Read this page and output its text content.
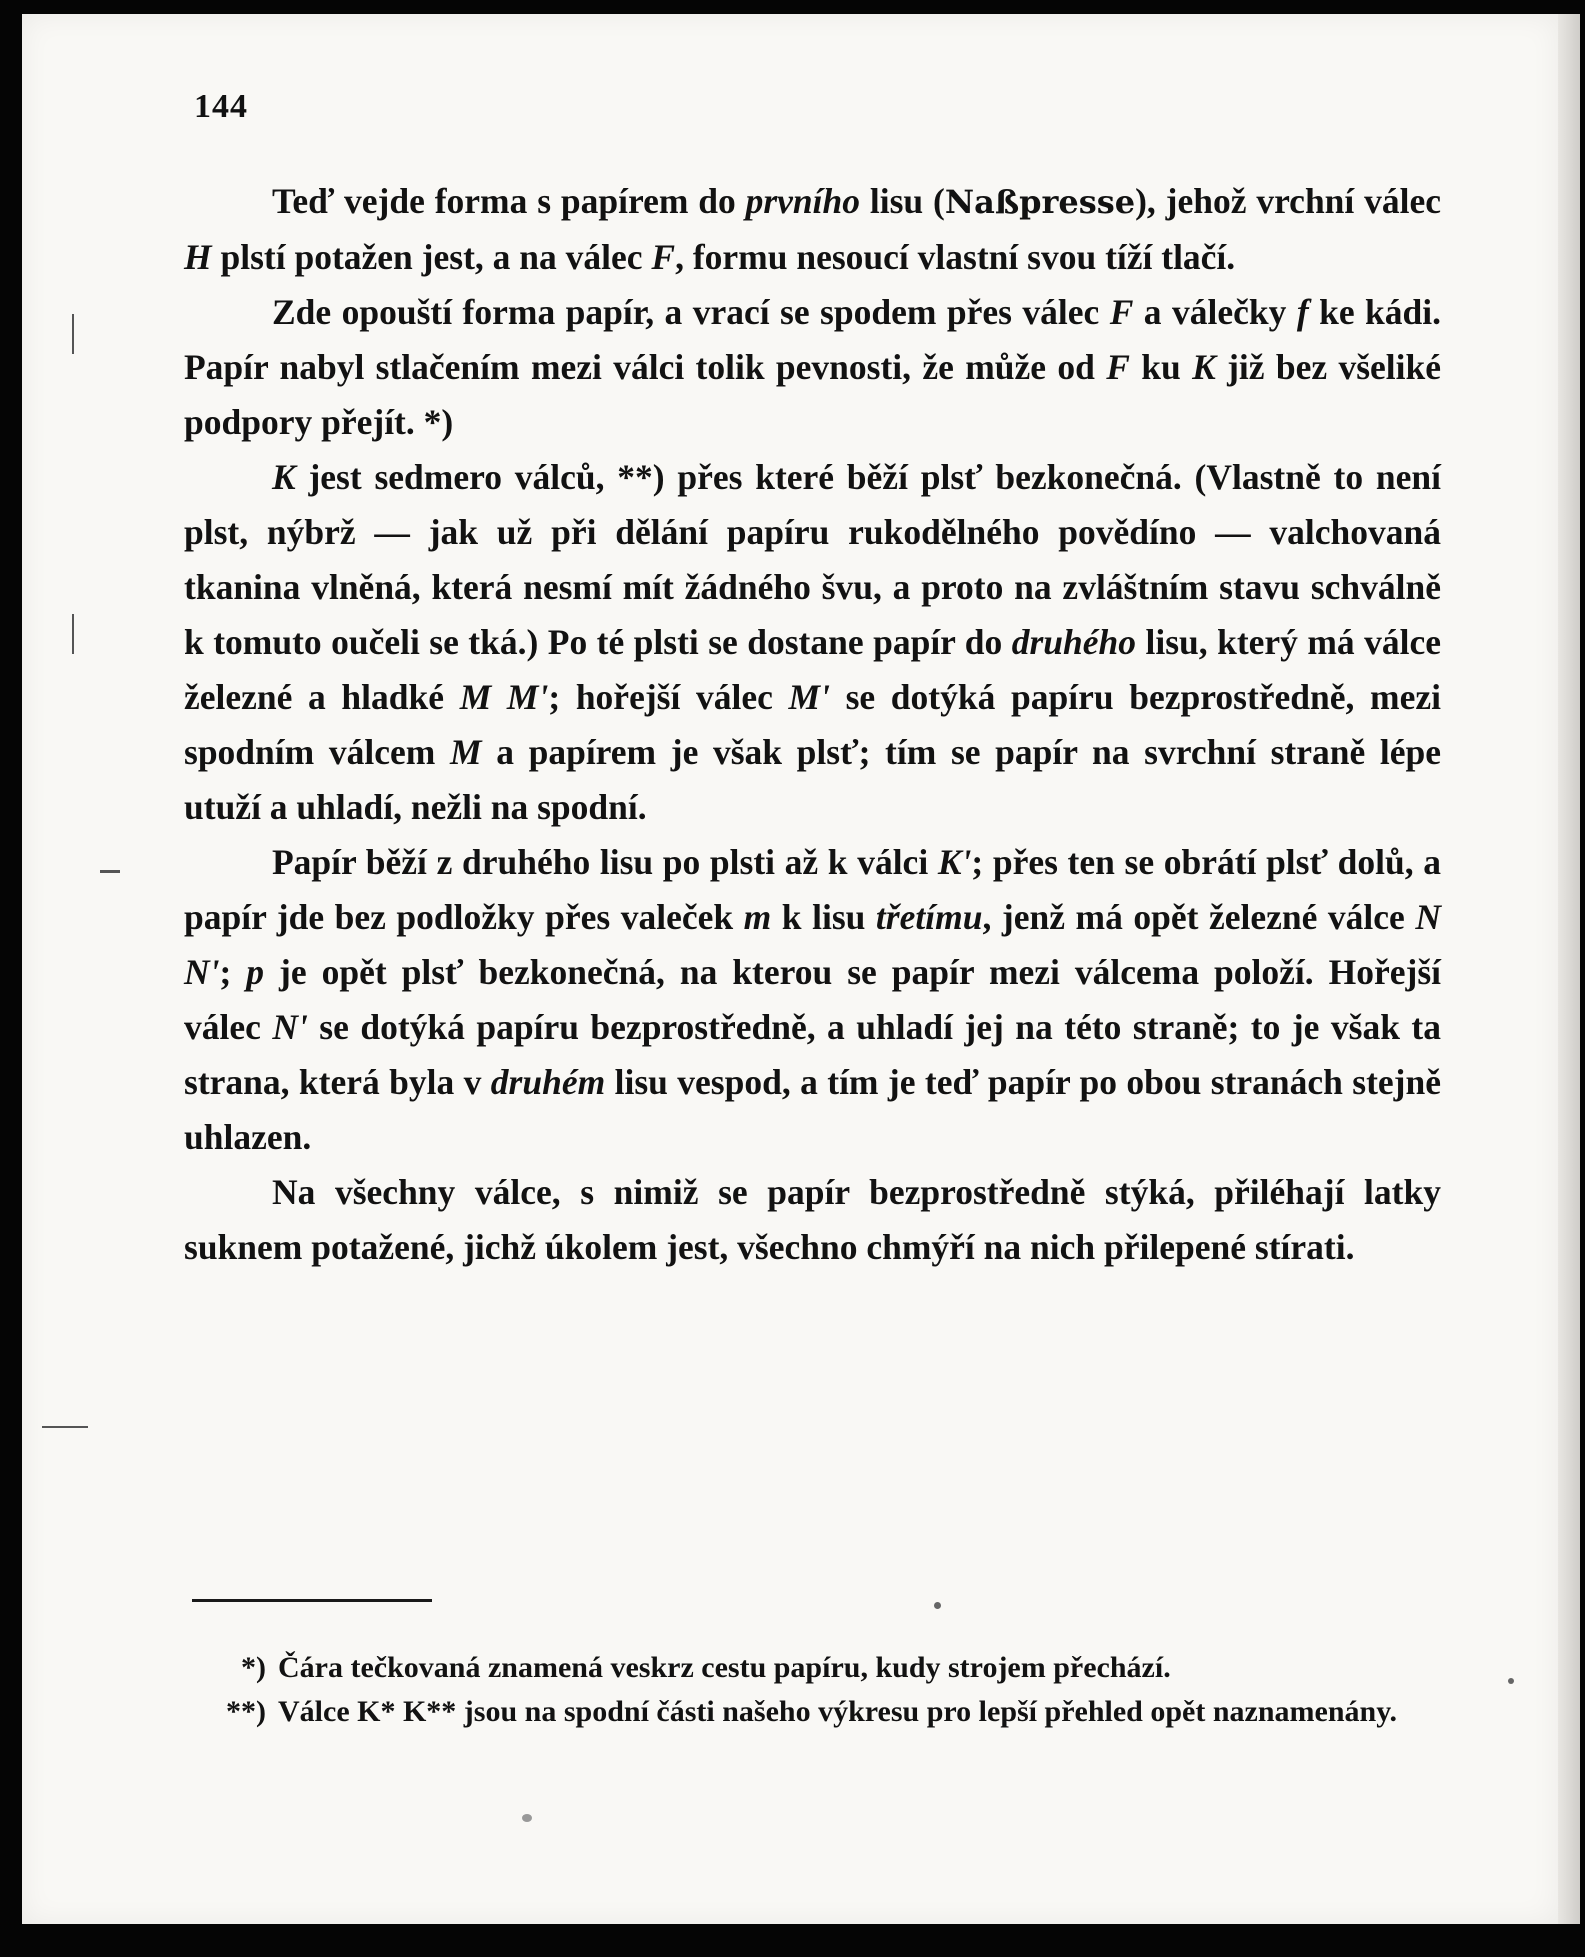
144

Teď vejde forma s papírem do prvního lisu (Naßpresse), jehož vrchní válec H plstí potažen jest, a na válec F, formu nesoucí vlastní svou tíží tlačí.

Zde opouští forma papír, a vrací se spodem přes válec F a válečky f ke kádi. Papír nabyl stlačením mezi válci tolik pevnosti, že může od F ku K již bez všeliké podpory přejít. *)

K jest sedmero válců, **) přes které běží plsť bezkonečná. (Vlastně to není plst, nýbrž — jak už při dělání papíru rukodělného povědíno — valchovaná tkanina vlněná, která nesmí mít žádného švu, a proto na zvláštním stavu schválně k tomuto oučeli se tká.) Po té plsti se dostane papír do druhého lisu, který má válce železné a hladké M M'; hořejší válec M' se dotýká papíru bezprostředně, mezi spodním válcem M a papírem je však plsť; tím se papír na svrchní straně lépe utuží a uhladí, nežli na spodní.

Papír běží z druhého lisu po plsti až k válci K'; přes ten se obrátí plsť dolů, a papír jde bez podložky přes valeček m k lisu třetímu, jenž má opět železné válce N N'; p je opět plsť bezkonečná, na kterou se papír mezi válcema položí. Hořejší válec N' se dotýká papíru bezprostředně, a uhladí jej na této straně; to je však ta strana, která byla v druhém lisu vespod, a tím je teď papír po obou stranách stejně uhlazen.

Na všechny válce, s nimiž se papír bezprostředně stýká, přiléhají latky suknem potažené, jichž úkolem jest, všechno chmýří na nich přilepené stírati.

*) Čára tečkovaná znamená veskrz cestu papíru, kudy strojem přechází.

**) Válce K* K** jsou na spodní části našeho výkresu pro lepší přehled opět naznamenány.
